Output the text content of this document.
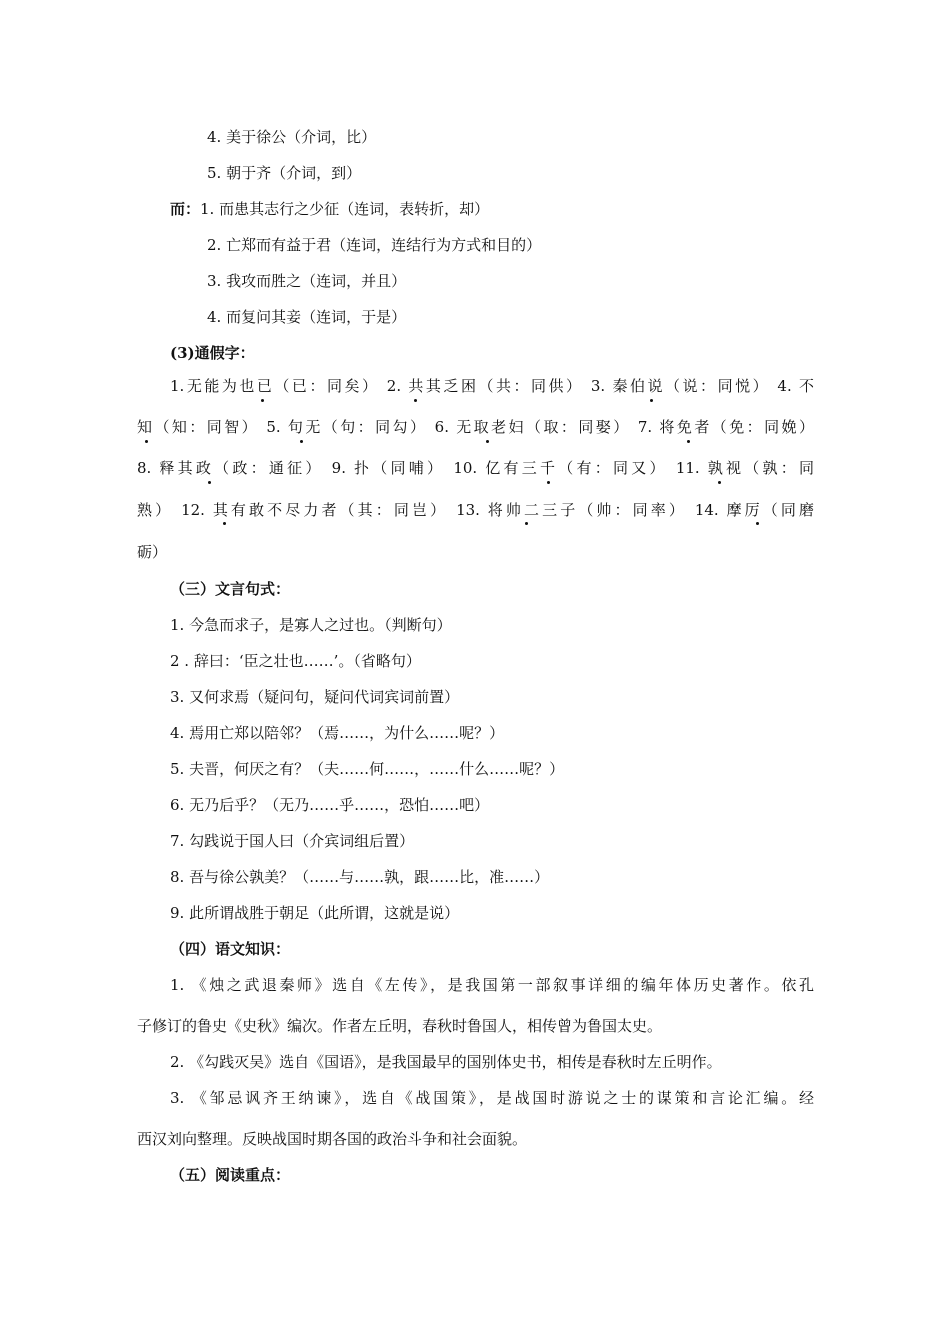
4. 美于徐公（介词，比）
5. 朝于齐（介词，到）
而： 1. 而患其志行之少征（连词，表转折，却）
2. 亡郑而有益于君（连词，连结行为方式和目的）
3. 我攻而胜之（连词，并且）
4. 而复问其妾（连词，于是）
(3)通假字：
1.无能为也已（已：同矣） 2. 共其乏困（共：同供） 3. 秦伯说（说：同悦） 4. 不
知（知：同智） 5. 句无（句：同勾） 6. 无取老妇（取：同娶） 7. 将免者（免：同娩）
8. 释其政（政：通征） 9. 扑（同哺） 10. 亿有三千（有：同又） 11. 孰视（孰：同
熟） 12. 其有敢不尽力者（其：同岂） 13. 将帅二三子（帅：同率） 14. 摩厉（同磨
砺）
（三）文言句式：
1. 今急而求子，是寡人之过也。（判断句）
2 . 辞曰：‘臣之壮也……’。（省略句）
3. 又何求焉（疑问句，疑问代词宾词前置）
4. 焉用亡郑以陪邻？（焉……，为什么……呢？）
5. 夫晋，何厌之有？（夫……何……，……什么……呢？）
6. 无乃后乎？（无乃……乎……，恐怕……吧）
7. 勾践说于国人曰（介宾词组后置）
8. 吾与徐公孰美？（……与……孰，跟……比，准……）
9. 此所谓战胜于朝足（此所谓，这就是说）
（四）语文知识：
1. 《烛之武退秦师》选自《左传》，是我国第一部叙事详细的编年体历史著作。依孔
子修订的鲁史《史秋》编次。作者左丘明，春秋时鲁国人，相传曾为鲁国太史。
2. 《勾践灭吴》选自《国语》，是我国最早的国别体史书，相传是春秋时左丘明作。
3. 《邹忌讽齐王纳谏》，选自《战国策》，是战国时游说之士的谋策和言论汇编。经
西汉刘向整理。反映战国时期各国的政治斗争和社会面貌。
（五）阅读重点：
